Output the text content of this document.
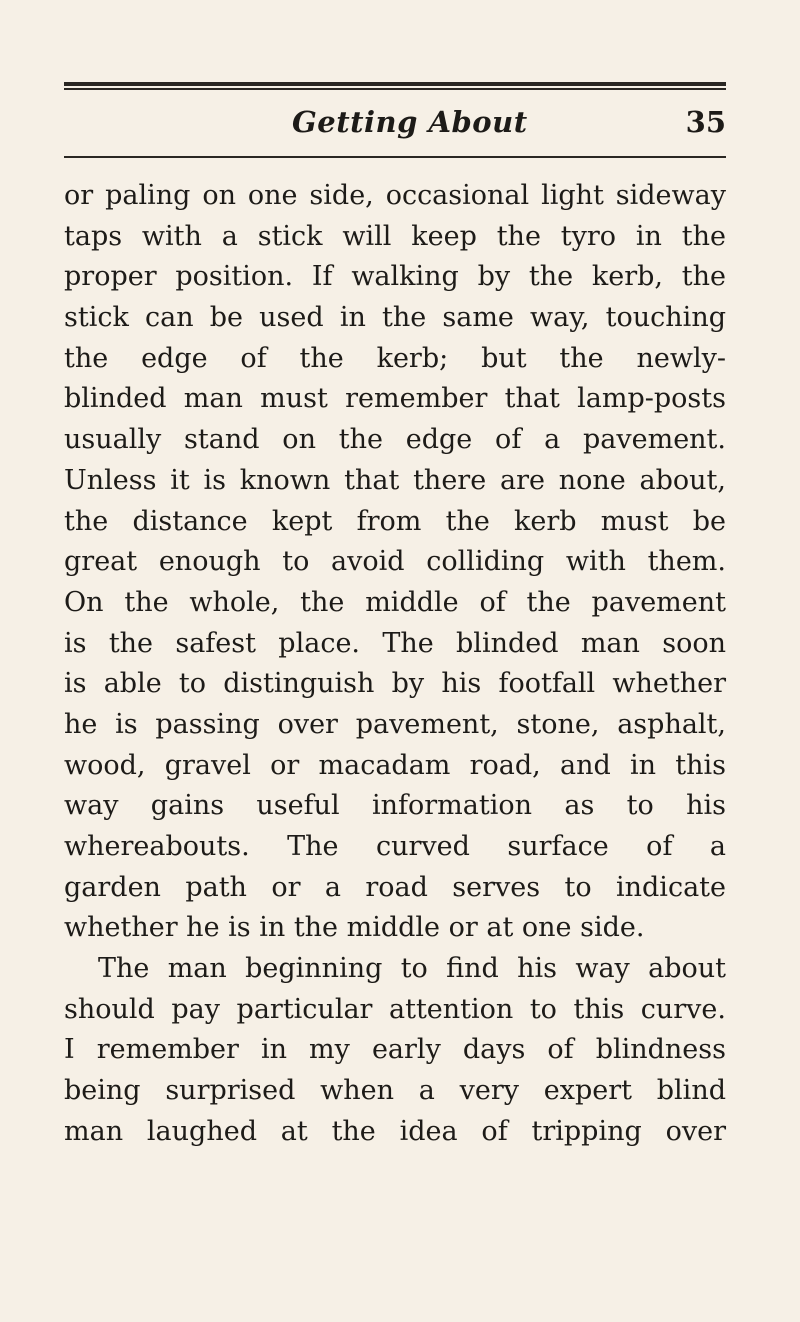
Getting About	35
or paling on one side, occasional light sideway
taps with a stick will keep the tyro in the
proper position. If walking by the kerb, the
stick can be used in the same way, touching
the edge of the kerb; but the newly-
blinded man must remember that lamp-posts
usually stand on the edge of a pavement.
Unless it is known that there are none about,
the distance kept from the kerb must be
great enough to avoid colliding with them.
On the whole, the middle of the pavement
is the safest place. The blinded man soon
is able to distinguish by his footfall whether
he is passing over pavement, stone, asphalt,
wood, gravel or macadam road, and in this
way gains useful information as to his
whereabouts. The curved surface of a
garden path or a road serves to indicate
whether he is in the middle or at one side.
The man beginning to find his way about
should pay particular attention to this curve.
I remember in my early days of blindness
being surprised when a very expert blind
man laughed at the idea of tripping over
